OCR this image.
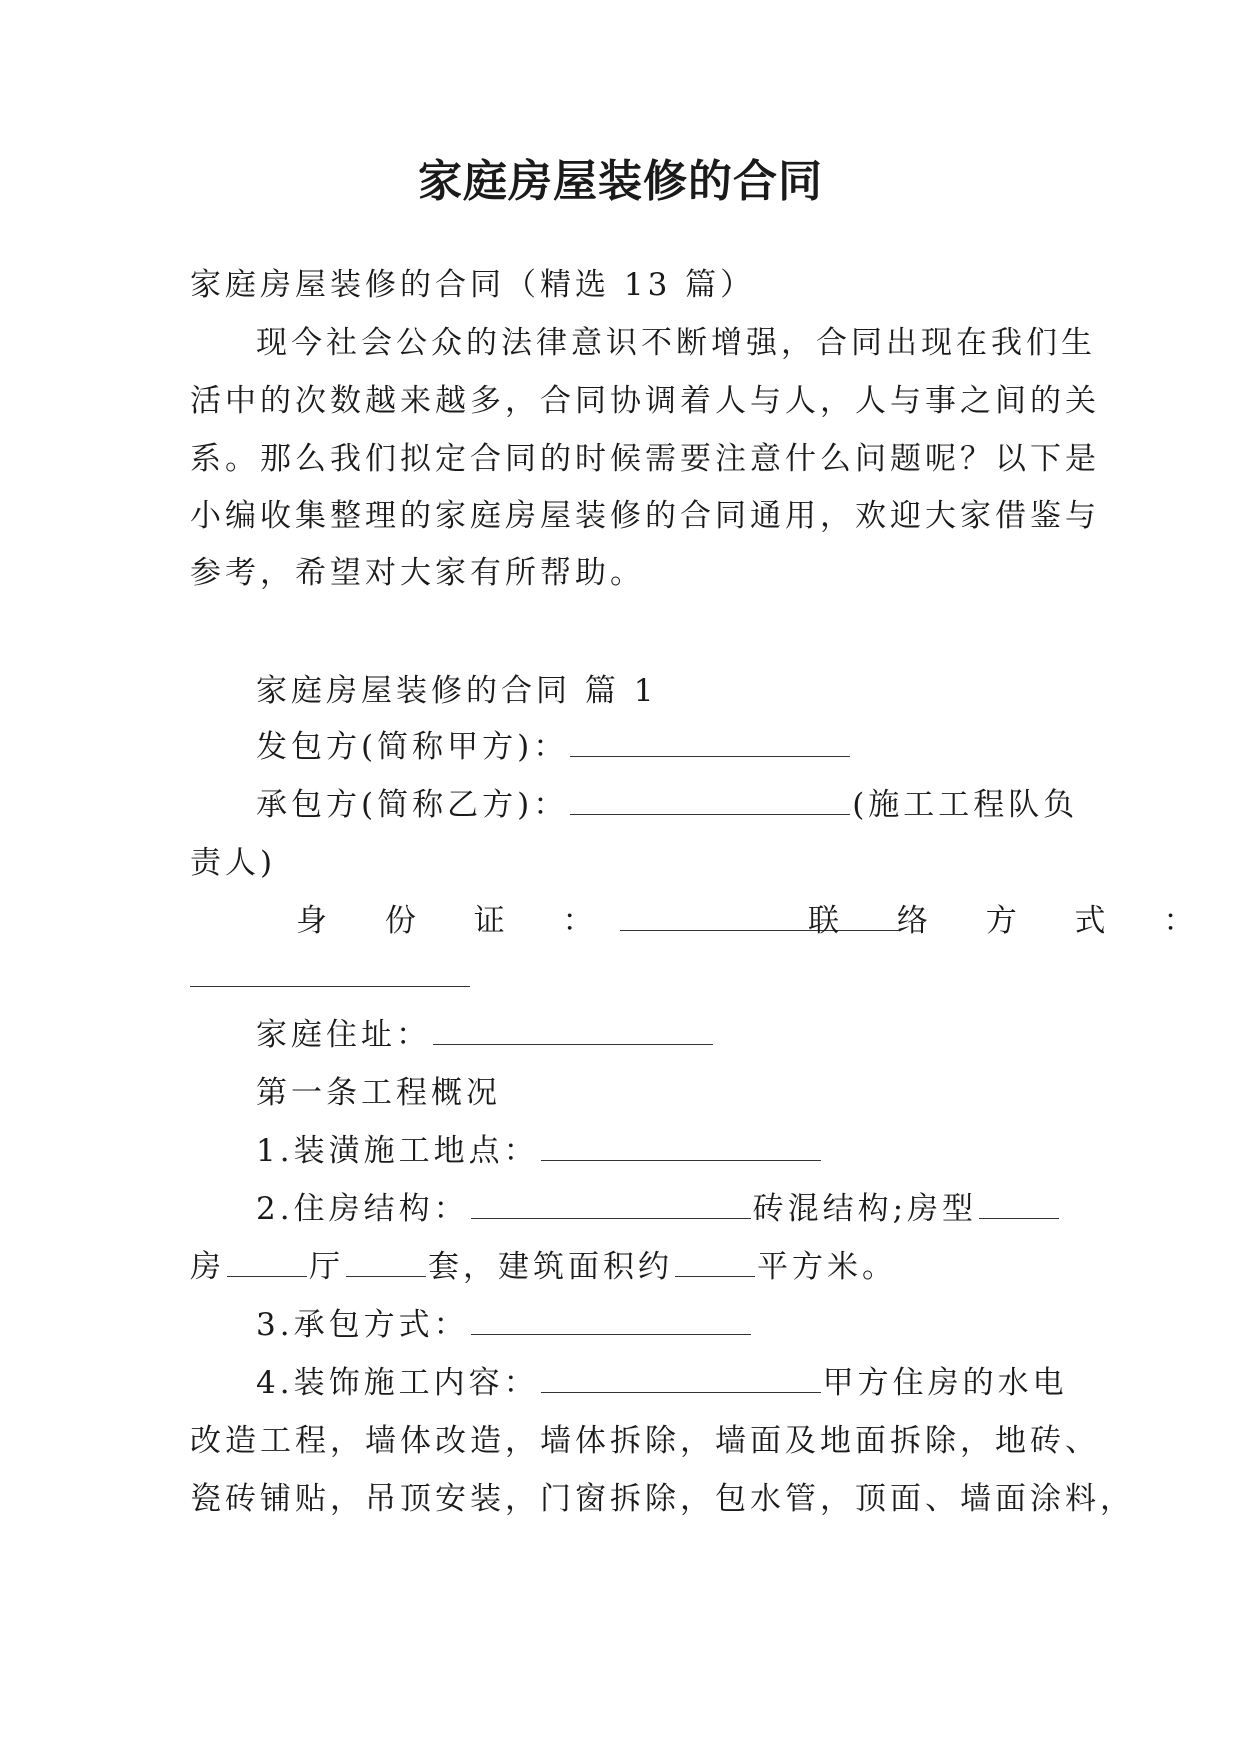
家庭房屋装修的合同
家庭房屋装修的合同（精选 13 篇）
现今社会公众的法律意识不断增强，合同出现在我们生
活中的次数越来越多，合同协调着人与人，人与事之间的关
系。那么我们拟定合同的时候需要注意什么问题呢？以下是
小编收集整理的家庭房屋装修的合同通用，欢迎大家借鉴与
参考，希望对大家有所帮助。
家庭房屋装修的合同 篇 1
发包方(简称甲方)：
承包方(简称乙方)：	(施工工程队负
责人)
身 份 证 ：	联 络 方 式 ：
家庭住址：
第一条工程概况
1.装潢施工地点：
2.住房结构：	砖混结构;房型
房	厅	套，建筑面积约	平方米。
3.承包方式：
4.装饰施工内容：	甲方住房的水电
改造工程，墙体改造，墙体拆除，墙面及地面拆除，地砖、
瓷砖铺贴，吊顶安装，门窗拆除，包水管，顶面、墙面涂料，
